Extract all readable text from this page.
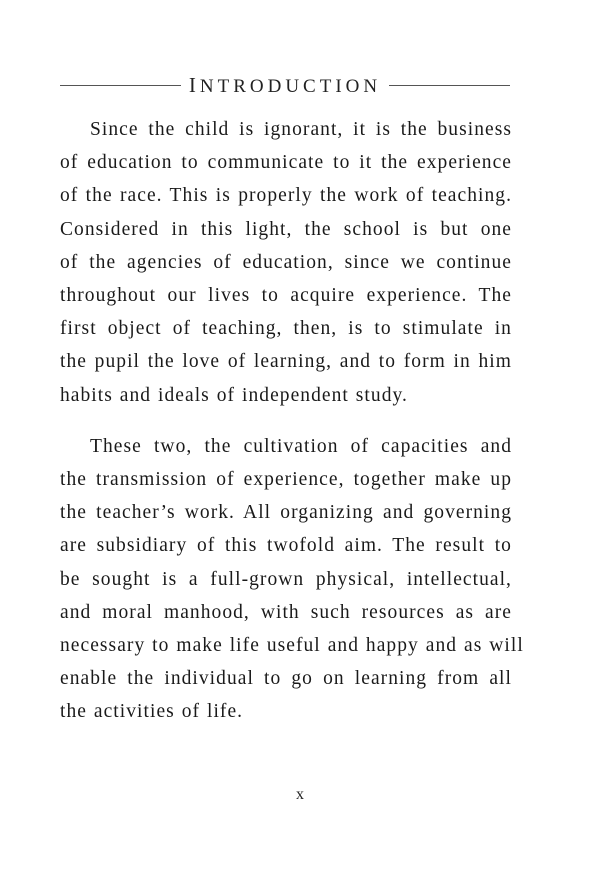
INTRODUCTION

Since the child is ignorant, it is the business
of education to communicate to it the experience
of the race. This is properly the work of teaching.
Considered in this light, the school is but one
of the agencies of education, since we continue
throughout our lives to acquire experience. The
first object of teaching, then, is to stimulate in
the pupil the love of learning, and to form in him
habits and ideals of independent study.

These two, the cultivation of capacities and
the transmission of experience, together make up
the teacher’s work. All organizing and governing
are subsidiary of this twofold aim. The result to
be sought is a full-grown physical, intellectual,
and moral manhood, with such resources as are
necessary to make life useful and happy and as will
enable the individual to go on learning from all
the activities of life.

x
